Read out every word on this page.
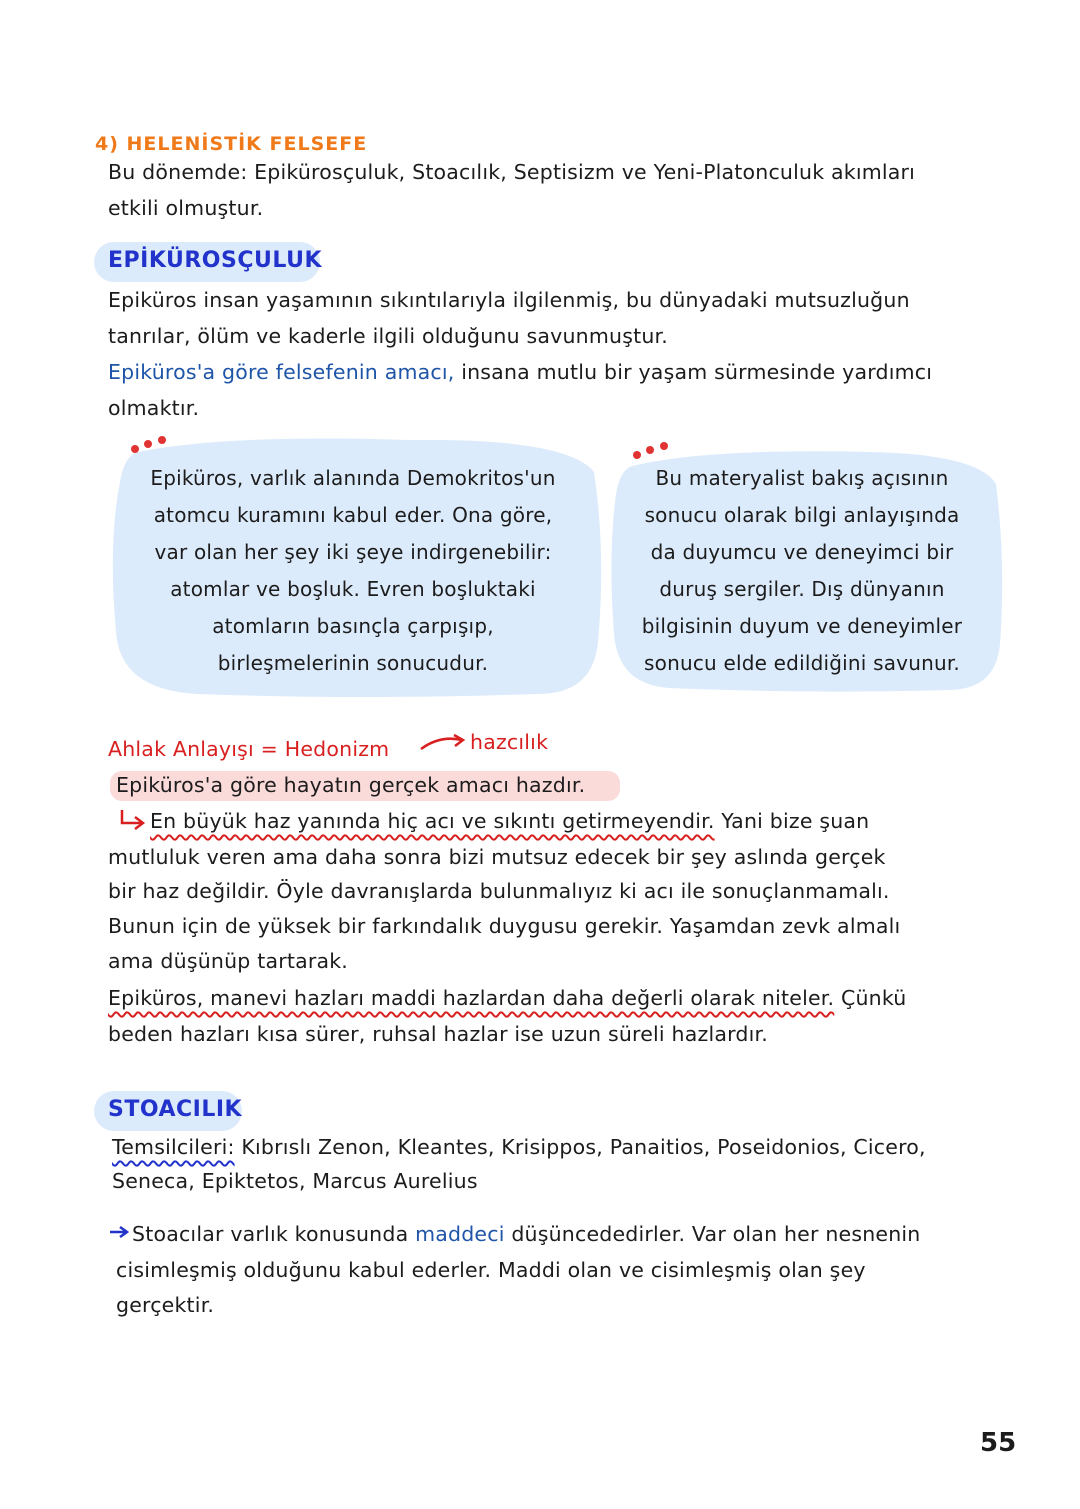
4) HELENİSTİK FELSEFE
Bu dönemde: Epikürosçuluk, Stoacılık, Septisizm ve Yeni-Platonculuk akımları
etkili olmuştur.
EPİKÜROSÇULUK
Epiküros insan yaşamının sıkıntılarıyla ilgilenmiş, bu dünyadaki mutsuzluğun
tanrılar, ölüm ve kaderle ilgili olduğunu savunmuştur.
Epiküros'a göre felsefenin amacı, insana mutlu bir yaşam sürmesinde yardımcı
olmaktır.
Epiküros, varlık alanında Demokritos'un
atomcu kuramını kabul eder. Ona göre,
var olan her şey iki şeye indirgenebilir:
atomlar ve boşluk. Evren boşluktaki
atomların basınçla çarpışıp,
birleşmelerinin sonucudur.
Bu materyalist bakış açısının
sonucu olarak bilgi anlayışında
da duyumcu ve deneyimci bir
duruş sergiler. Dış dünyanın
bilgisinin duyum ve deneyimler
sonucu elde edildiğini savunur.
Ahlak Anlayışı = Hedonizm	hazcılık
Epiküros'a göre hayatın gerçek amacı hazdır.
En büyük haz yanında hiç acı ve sıkıntı getirmeyendir. Yani bize şuan
mutluluk veren ama daha sonra bizi mutsuz edecek bir şey aslında gerçek
bir haz değildir. Öyle davranışlarda bulunmalıyız ki acı ile sonuçlanmamalı.
Bunun için de yüksek bir farkındalık duygusu gerekir. Yaşamdan zevk almalı
ama düşünüp tartarak.
Epiküros, manevi hazları maddi hazlardan daha değerli olarak niteler. Çünkü
beden hazları kısa sürer, ruhsal hazlar ise uzun süreli hazlardır.
STOACILIK
Temsilcileri: Kıbrıslı Zenon, Kleantes, Krisippos, Panaitios, Poseidonios, Cicero,
Seneca, Epiktetos, Marcus Aurelius
Stoacılar varlık konusunda maddeci düşüncededirler. Var olan her nesnenin
cisimleşmiş olduğunu kabul ederler. Maddi olan ve cisimleşmiş olan şey
gerçektir.
55
